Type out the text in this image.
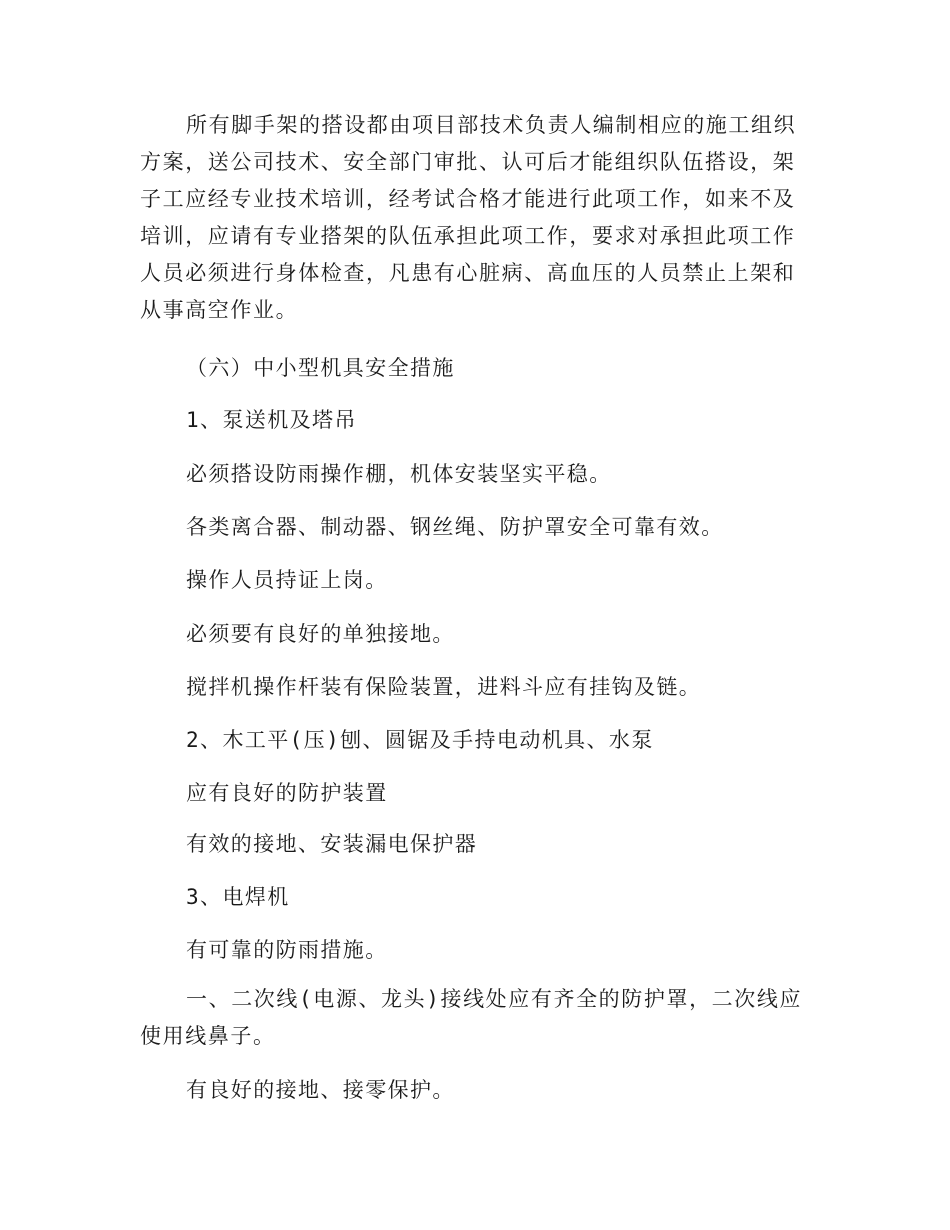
所有脚手架的搭设都由项目部技术负责人编制相应的施工组织方案，送公司技术、安全部门审批、认可后才能组织队伍搭设，架子工应经专业技术培训，经考试合格才能进行此项工作，如来不及培训，应请有专业搭架的队伍承担此项工作，要求对承担此项工作人员必须进行身体检查，凡患有心脏病、高血压的人员禁止上架和从事高空作业。

（六）中小型机具安全措施

1、泵送机及塔吊

必须搭设防雨操作棚，机体安装坚实平稳。

各类离合器、制动器、钢丝绳、防护罩安全可靠有效。

操作人员持证上岗。

必须要有良好的单独接地。

搅拌机操作杆装有保险装置，进料斗应有挂钩及链。

2、木工平(压)刨、圆锯及手持电动机具、水泵

应有良好的防护装置

有效的接地、安装漏电保护器

3、电焊机

有可靠的防雨措施。

一、二次线(电源、龙头)接线处应有齐全的防护罩，二次线应使用线鼻子。

有良好的接地、接零保护。
